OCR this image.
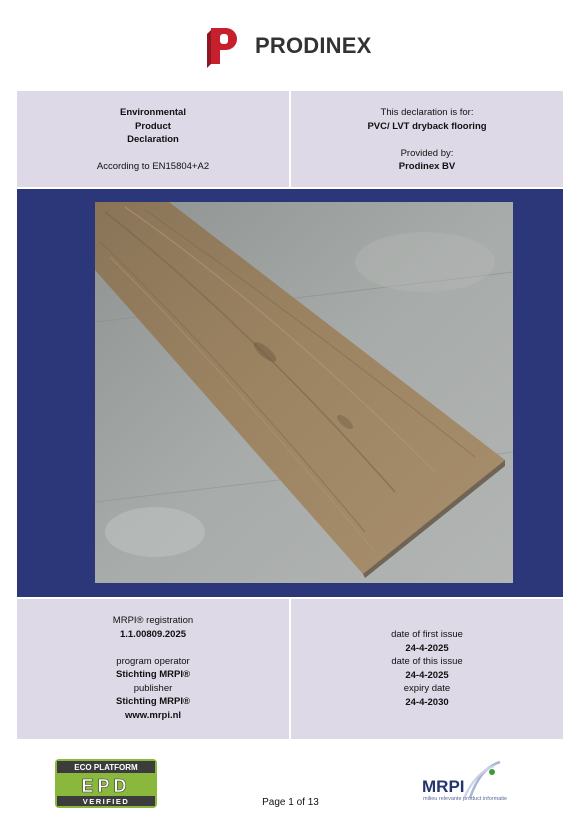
PRODINEX
Environmental
Product
Declaration
According to EN15804+A2
This declaration is for:
PVC/ LVT dryback flooring
Provided by:
Prodinex BV
MRPI® registration
1.1.00809.2025
program operator
Stichting MRPI®
publisher
Stichting MRPI®
www.mrpi.nl
date of first issue
24-4-2025
date of this issue
24-4-2025
expiry date
24-4-2030
ECO PLATFORM
EPD
VERIFIED	Page 1 of 13
MRPI
milieu relevante product informatie
